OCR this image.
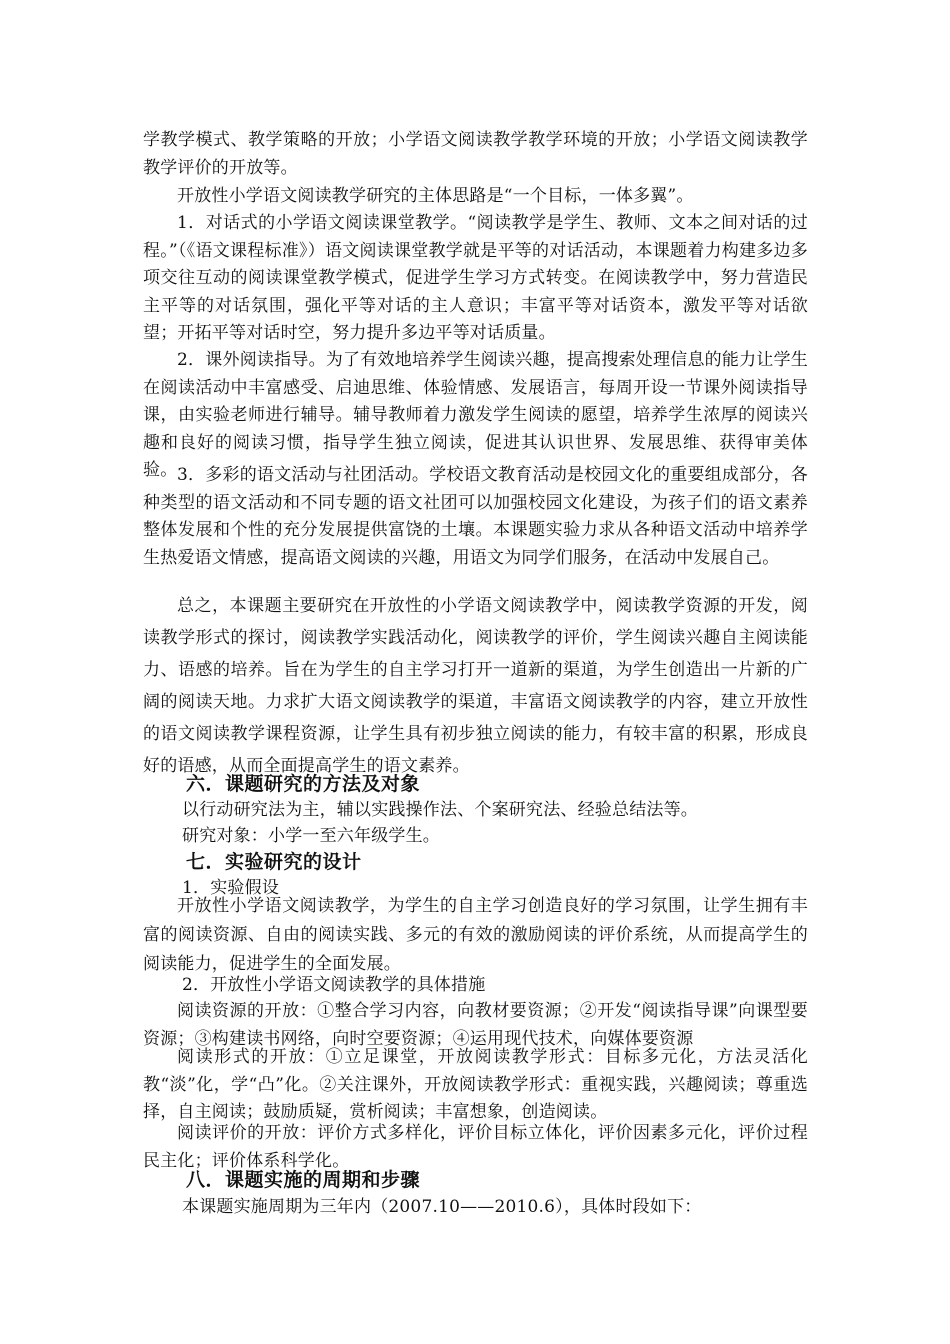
学教学模式、教学策略的开放；小学语文阅读教学教学环境的开放；小学语文阅读教学教学评价的开放等。

开放性小学语文阅读教学研究的主体思路是“一个目标，一体多翼”。

1．对话式的小学语文阅读课堂教学。“阅读教学是学生、教师、文本之间对话的过程。”（《语文课程标准》）语文阅读课堂教学就是平等的对话活动，本课题着力构建多边多项交往互动的阅读课堂教学模式，促进学生学习方式转变。在阅读教学中，努力营造民主平等的对话氛围，强化平等对话的主人意识；丰富平等对话资本，激发平等对话欲望；开拓平等对话时空，努力提升多边平等对话质量。

2．课外阅读指导。为了有效地培养学生阅读兴趣，提高搜索处理信息的能力让学生在阅读活动中丰富感受、启迪思维、体验情感、发展语言，每周开设一节课外阅读指导课，由实验老师进行辅导。辅导教师着力激发学生阅读的愿望，培养学生浓厚的阅读兴趣和良好的阅读习惯，指导学生独立阅读，促进其认识世界、发展思维、获得审美体验。 3．多彩的语文活动与社团活动。学校语文教育活动是校园文化的重要组成部分，各种类型的语文活动和不同专题的语文社团可以加强校园文化建设，为孩子们的语文素养整体发展和个性的充分发展提供富饶的土壤。本课题实验力求从各种语文活动中培养学生热爱语文情感，提高语文阅读的兴趣，用语文为同学们服务，在活动中发展自己。

总之，本课题主要研究在开放性的小学语文阅读教学中，阅读教学资源的开发，阅读教学形式的探讨，阅读教学实践活动化，阅读教学的评价，学生阅读兴趣自主阅读能力、语感的培养。旨在为学生的自主学习打开一道新的渠道，为学生创造出一片新的广阔的阅读天地。力求扩大语文阅读教学的渠道，丰富语文阅读教学的内容，建立开放性的语文阅读教学课程资源，让学生具有初步独立阅读的能力，有较丰富的积累，形成良好的语感，从而全面提高学生的语文素养。

六．课题研究的方法及对象

以行动研究法为主，辅以实践操作法、个案研究法、经验总结法等。

研究对象：小学一至六年级学生。

七．实验研究的设计

1．实验假设

开放性小学语文阅读教学，为学生的自主学习创造良好的学习氛围，让学生拥有丰富的阅读资源、自由的阅读实践、多元的有效的激励阅读的评价系统，从而提高学生的阅读能力，促进学生的全面发展。

2．开放性小学语文阅读教学的具体措施

阅读资源的开放：①整合学习内容，向教材要资源；②开发“阅读指导课”向课型要资源；③构建读书网络，向时空要资源；④运用现代技术，向媒体要资源

阅读形式的开放：①立足课堂，开放阅读教学形式：目标多元化，方法灵活化教“淡”化，学“凸”化。②关注课外，开放阅读教学形式：重视实践，兴趣阅读；尊重选择，自主阅读；鼓励质疑，赏析阅读；丰富想象，创造阅读。

阅读评价的开放：评价方式多样化，评价目标立体化，评价因素多元化，评价过程民主化；评价体系科学化。

八．课题实施的周期和步骤

本课题实施周期为三年内（2007.10——2010.6），具体时段如下：
